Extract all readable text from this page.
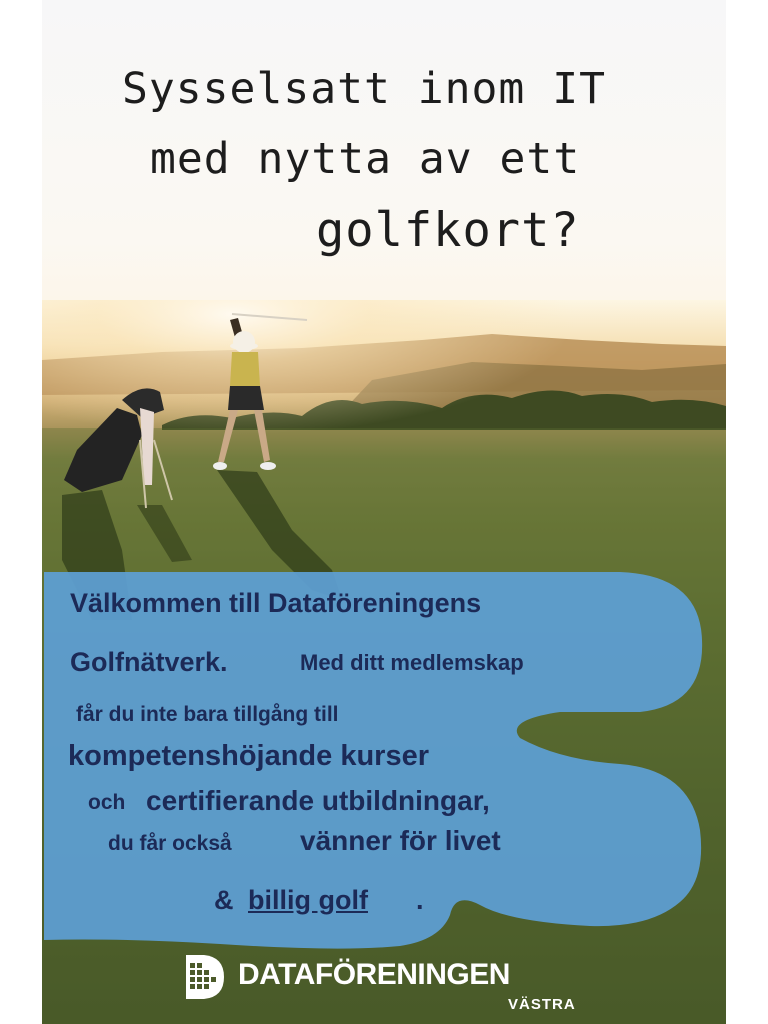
Sysselsatt inom IT
med nytta av ett
golfkort?
Välkommen till Dataföreningens
Golfnätverk.	Med ditt medlemskap
får du inte bara tillgång till
kompetenshöjande kurser
och certifierande utbildningar,
du får också vänner för livet
& billig golf .
DATAFÖRENINGEN
VÄSTRA
